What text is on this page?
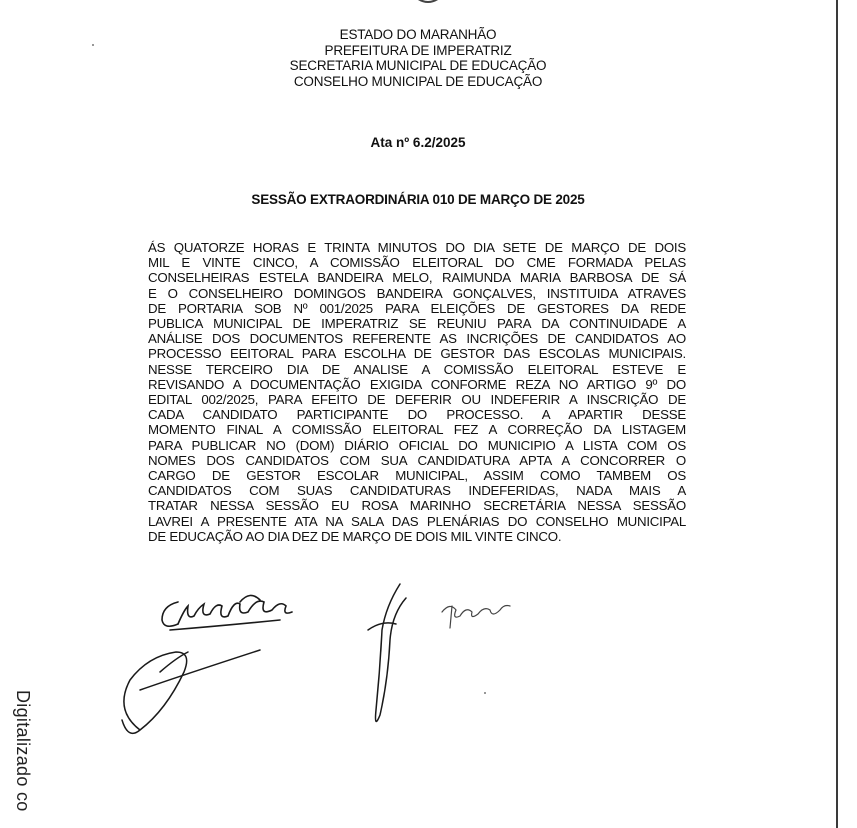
ESTADO DO MARANHÃO
PREFEITURA DE IMPERATRIZ
SECRETARIA MUNICIPAL DE EDUCAÇÃO
CONSELHO MUNICIPAL DE EDUCAÇÃO
Ata nº 6.2/2025
SESSÃO EXTRAORDINÁRIA 010 DE MARÇO DE 2025
ÁS QUATORZE HORAS E TRINTA MINUTOS DO DIA SETE DE MARÇO DE DOIS
MIL E VINTE CINCO, A COMISSÃO ELEITORAL DO CME FORMADA PELAS
CONSELHEIRAS ESTELA BANDEIRA MELO, RAIMUNDA MARIA BARBOSA DE SÁ
E O CONSELHEIRO DOMINGOS BANDEIRA GONÇALVES, INSTITUIDA ATRAVES
DE PORTARIA SOB Nº 001/2025 PARA ELEIÇÕES DE GESTORES DA REDE
PUBLICA MUNICIPAL DE IMPERATRIZ SE REUNIU PARA DA CONTINUIDADE A
ANÁLISE DOS DOCUMENTOS REFERENTE AS INCRIÇÕES DE CANDIDATOS AO
PROCESSO EEITORAL PARA ESCOLHA DE GESTOR DAS ESCOLAS MUNICIPAIS.
NESSE TERCEIRO DIA DE ANALISE A COMISSÃO ELEITORAL ESTEVE E
REVISANDO A DOCUMENTAÇÃO EXIGIDA CONFORME REZA NO ARTIGO 9º DO
EDITAL 002/2025, PARA EFEITO DE DEFERIR OU INDEFERIR A INSCRIÇÃO DE
CADA CANDIDATO PARTICIPANTE DO PROCESSO. A APARTIR DESSE
MOMENTO FINAL A COMISSÃO ELEITORAL FEZ A CORREÇÃO DA LISTAGEM
PARA PUBLICAR NO (DOM) DIÁRIO OFICIAL DO MUNICIPIO A LISTA COM OS
NOMES DOS CANDIDATOS COM SUA CANDIDATURA APTA A CONCORRER O
CARGO DE GESTOR ESCOLAR MUNICIPAL, ASSIM COMO TAMBEM OS
CANDIDATOS COM SUAS CANDIDATURAS INDEFERIDAS, NADA MAIS A
TRATAR NESSA SESSÃO EU ROSA MARINHO SECRETÁRIA NESSA SESSÃO
LAVREI A PRESENTE ATA NA SALA DAS PLENÁRIAS DO CONSELHO MUNICIPAL
DE EDUCAÇÃO AO DIA DEZ DE MARÇO DE DOIS MIL VINTE CINCO.
Digitalizado co
